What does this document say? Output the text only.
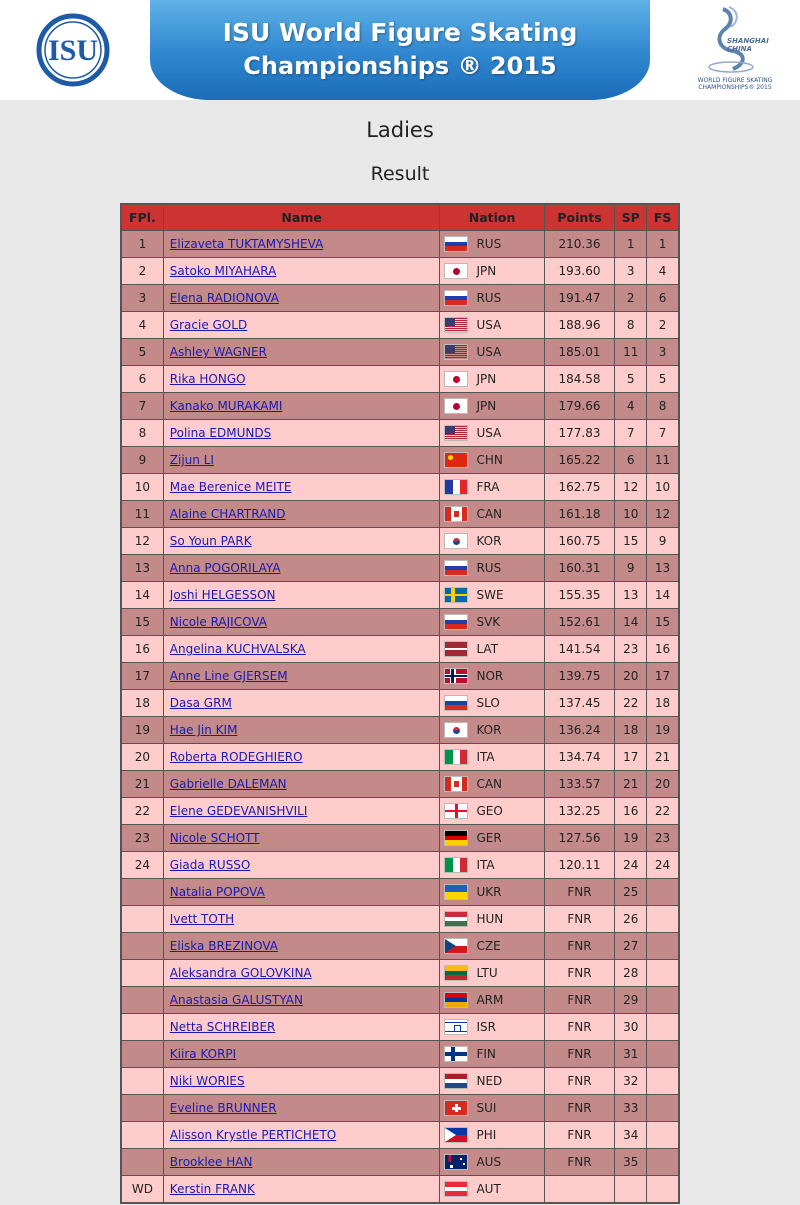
ISU
ISU World Figure Skating
Championships ® 2015
SHANGHAI CHINA
WORLD FIGURE SKATING
CHAMPIONSHIPS® 2015
Ladies
Result
FPl.	Name	Nation	Points	SP	FS
1	Elizaveta TUKTAMYSHEVA	RUS	210.36	1	1
2	Satoko MIYAHARA	JPN	193.60	3	4
3	Elena RADIONOVA	RUS	191.47	2	6
4	Gracie GOLD	USA	188.96	8	2
5	Ashley WAGNER	USA	185.01	11	3
6	Rika HONGO	JPN	184.58	5	5
7	Kanako MURAKAMI	JPN	179.66	4	8
8	Polina EDMUNDS	USA	177.83	7	7
9	Zijun LI	CHN	165.22	6	11
10	Mae Berenice MEITE	FRA	162.75	12	10
11	Alaine CHARTRAND	CAN	161.18	10	12
12	So Youn PARK	KOR	160.75	15	9
13	Anna POGORILAYA	RUS	160.31	9	13
14	Joshi HELGESSON	SWE	155.35	13	14
15	Nicole RAJICOVA	SVK	152.61	14	15
16	Angelina KUCHVALSKA	LAT	141.54	23	16
17	Anne Line GJERSEM	NOR	139.75	20	17
18	Dasa GRM	SLO	137.45	22	18
19	Hae Jin KIM	KOR	136.24	18	19
20	Roberta RODEGHIERO	ITA	134.74	17	21
21	Gabrielle DALEMAN	CAN	133.57	21	20
22	Elene GEDEVANISHVILI	GEO	132.25	16	22
23	Nicole SCHOTT	GER	127.56	19	23
24	Giada RUSSO	ITA	120.11	24	24
	Natalia POPOVA	UKR	FNR	25	
	Ivett TOTH	HUN	FNR	26	
	Eliska BREZINOVA	CZE	FNR	27	
	Aleksandra GOLOVKINA	LTU	FNR	28	
	Anastasia GALUSTYAN	ARM	FNR	29	
	Netta SCHREIBER	ISR	FNR	30	
	Kiira KORPI	FIN	FNR	31	
	Niki WORIES	NED	FNR	32	
	Eveline BRUNNER	SUI	FNR	33	
	Alisson Krystle PERTICHETO	PHI	FNR	34	
	Brooklee HAN	AUS	FNR	35	
WD	Kerstin FRANK	AUT			
